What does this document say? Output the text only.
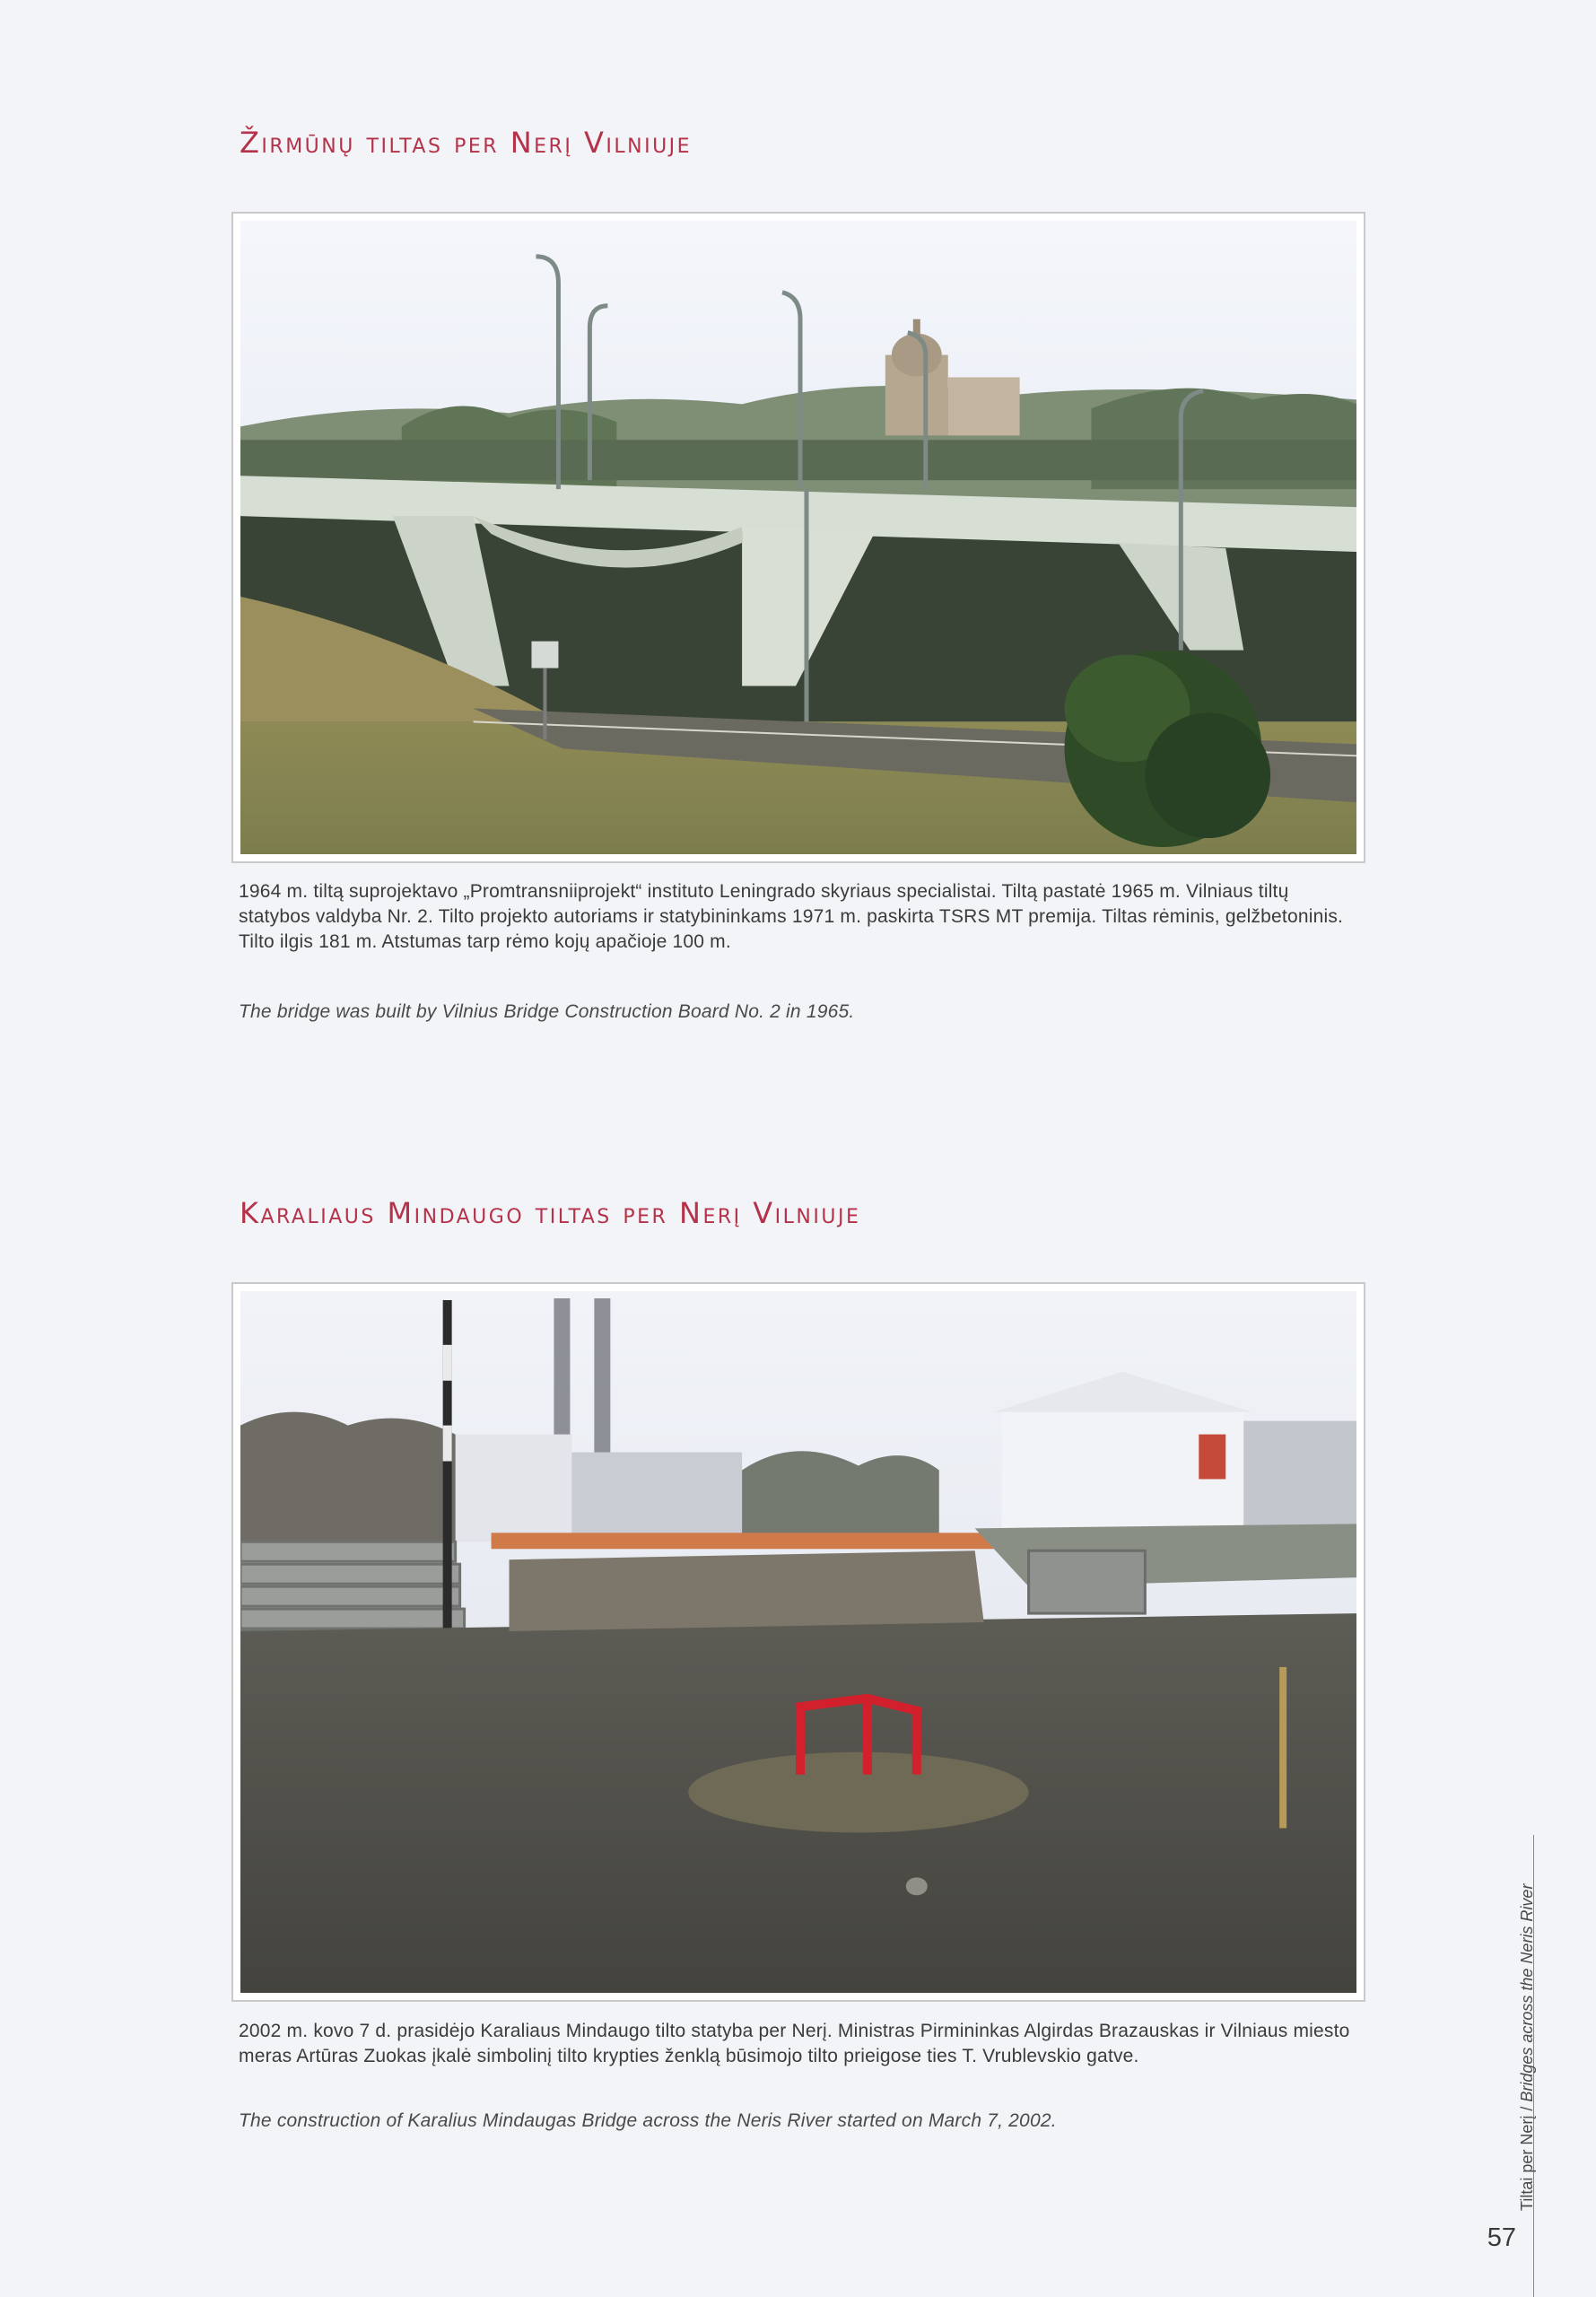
Žirmūnų tiltas per Nerį Vilniuje

1964 m. tiltą suprojektavo „Promtransniiprojekt“ instituto Leningrado skyriaus specialistai. Tiltą pastatė 1965 m. Vilniaus tiltų statybos valdyba Nr. 2. Tilto projekto autoriams ir statybininkams 1971 m. paskirta TSRS MT premija. Tiltas rėminis, gelžbetoninis. Tilto ilgis 181 m. Atstumas tarp rėmo kojų apačioje 100 m.

The bridge was built by Vilnius Bridge Construction Board No. 2 in 1965.

Karaliaus Mindaugo tiltas per Nerį Vilniuje

2002 m. kovo 7 d. prasidėjo Karaliaus Mindaugo tilto statyba per Nerį. Ministras Pirmininkas Algirdas Brazauskas ir Vilniaus miesto meras Artūras Zuokas įkalė simbolinį tilto krypties ženklą būsimojo tilto prieigose ties T. Vrublevskio gatve.

The construction of Karalius Mindaugas Bridge across the Neris River started on March 7, 2002.	Tiltai per Nerį / Bridges across the Neris River
57
